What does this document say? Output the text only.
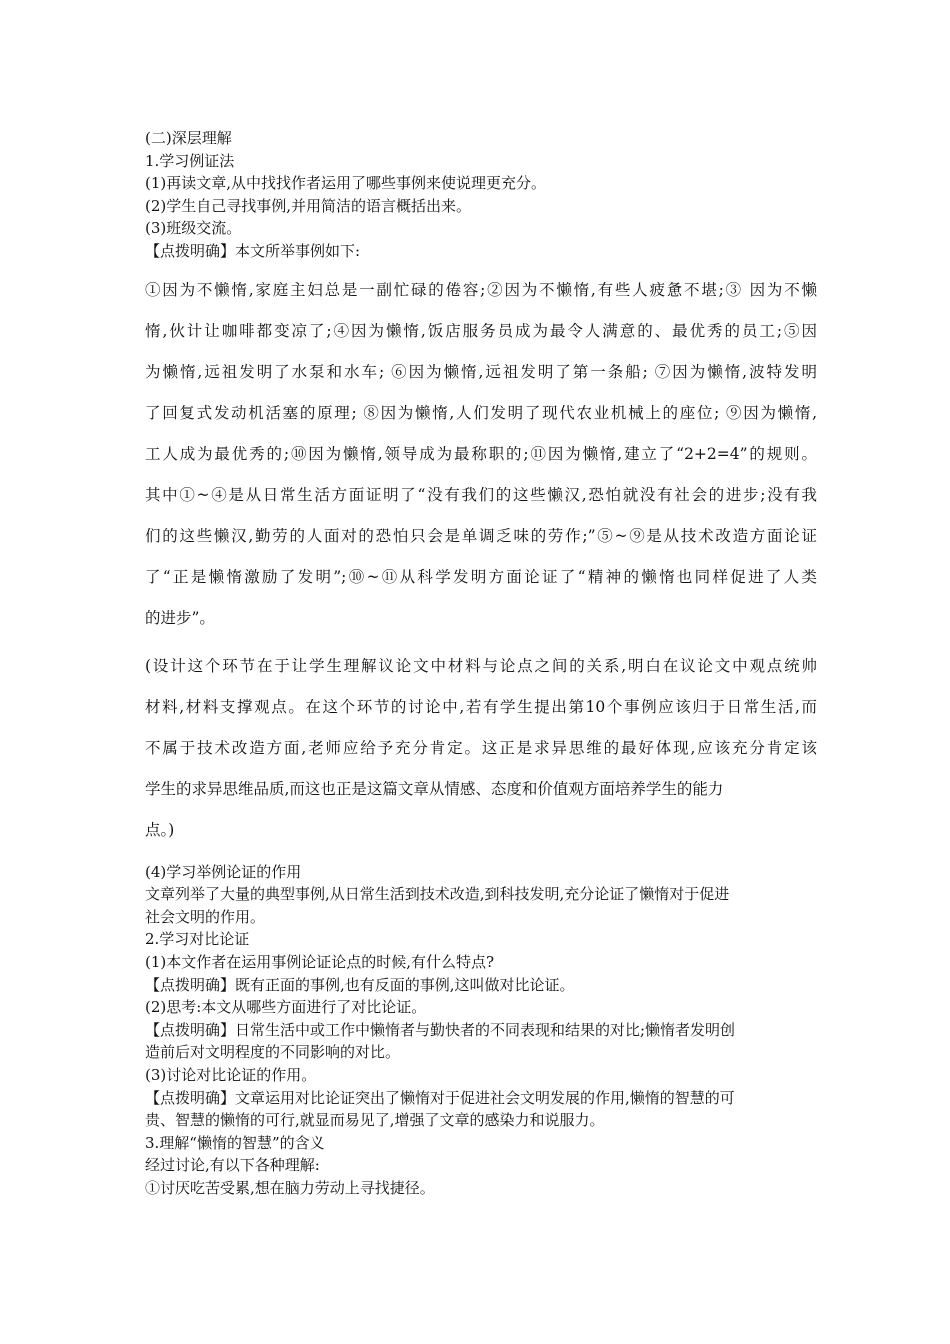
(二)深层理解
1.学习例证法
(1)再读文章,从中找找作者运用了哪些事例来使说理更充分。
(2)学生自己寻找事例,并用简洁的语言概括出来。
(3)班级交流。
【点拨明确】本文所举事例如下:
①因为不懒惰,家庭主妇总是一副忙碌的倦容;②因为不懒惰,有些人疲惫不堪;③ 因为不懒
惰,伙计让咖啡都变凉了;④因为懒惰,饭店服务员成为最令人满意的、最优秀的员工;⑤因
为懒惰,远祖发明了水泵和水车; ⑥因为懒惰,远祖发明了第一条船; ⑦因为懒惰,波特发明
了回复式发动机活塞的原理; ⑧因为懒惰,人们发明了现代农业机械上的座位; ⑨因为懒惰,
工人成为最优秀的;⑩因为懒惰,领导成为最称职的;⑪因为懒惰,建立了“2+2=4”的规则。
其中①~④是从日常生活方面证明了“没有我们的这些懒汉,恐怕就没有社会的进步;没有我
们的这些懒汉,勤劳的人面对的恐怕只会是单调乏味的劳作;”⑤~⑨是从技术改造方面论证
了“正是懒惰激励了发明”;⑩~⑪从科学发明方面论证了“精神的懒惰也同样促进了人类
的进步”。
(设计这个环节在于让学生理解议论文中材料与论点之间的关系,明白在议论文中观点统帅
材料,材料支撑观点。在这个环节的讨论中,若有学生提出第10个事例应该归于日常生活,而
不属于技术改造方面,老师应给予充分肯定。这正是求异思维的最好体现,应该充分肯定该
学生的求异思维品质,而这也正是这篇文章从情感、态度和价值观方面培养学生的能力
点。)
(4)学习举例论证的作用
文章列举了大量的典型事例,从日常生活到技术改造,到科技发明,充分论证了懒惰对于促进
社会文明的作用。
2.学习对比论证
(1)本文作者在运用事例论证论点的时候,有什么特点?
【点拨明确】既有正面的事例,也有反面的事例,这叫做对比论证。
(2)思考:本文从哪些方面进行了对比论证。
【点拨明确】日常生活中或工作中懒惰者与勤快者的不同表现和结果的对比;懒惰者发明创
造前后对文明程度的不同影响的对比。
(3)讨论对比论证的作用。
【点拨明确】文章运用对比论证突出了懒惰对于促进社会文明发展的作用,懒惰的智慧的可
贵、智慧的懒惰的可行,就显而易见了,增强了文章的感染力和说服力。
3.理解“懒惰的智慧”的含义
经过讨论,有以下各种理解:
①讨厌吃苦受累,想在脑力劳动上寻找捷径。
